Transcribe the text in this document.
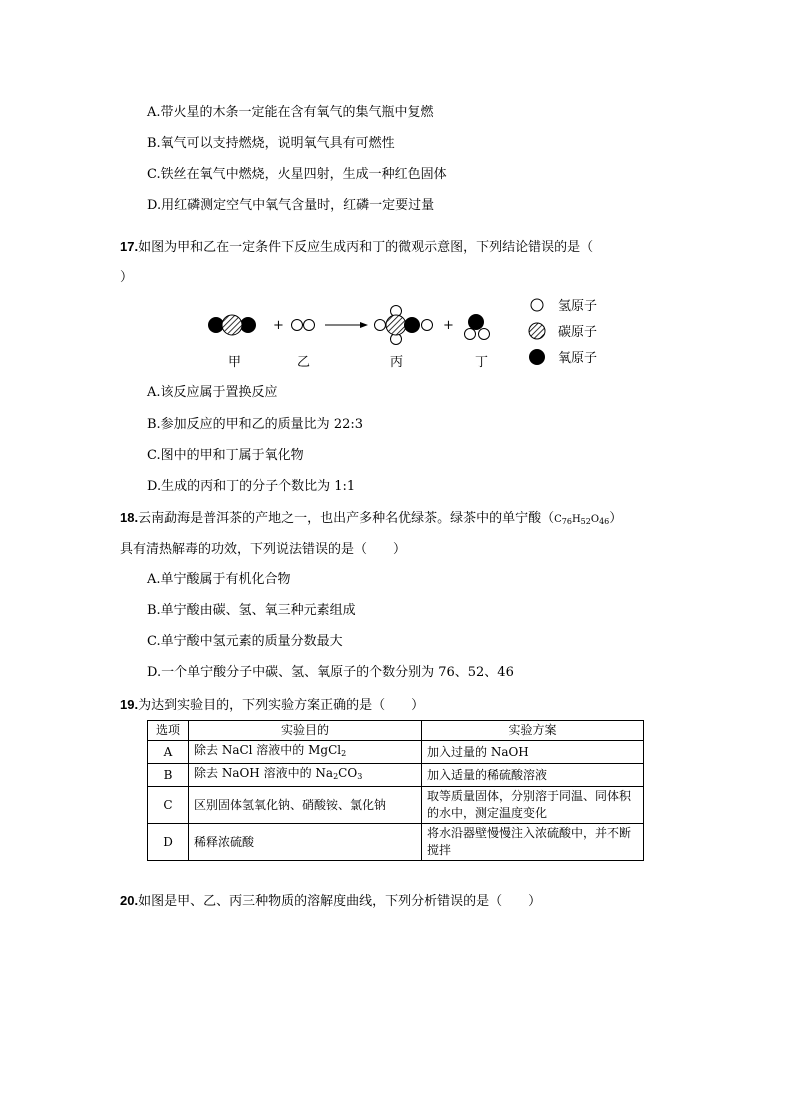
A.带火星的木条一定能在含有氧气的集气瓶中复燃
B.氧气可以支持燃烧，说明氧气具有可燃性
C.铁丝在氧气中燃烧，火星四射，生成一种红色固体
D.用红磷测定空气中氧气含量时，红磷一定要过量
17.如图为甲和乙在一定条件下反应生成丙和丁的微观示意图，下列结论错误的是（
）
+	+
甲	乙	丙	丁
氢原子
碳原子
氧原子
A.该反应属于置换反应
B.参加反应的甲和乙的质量比为 22:3
C.图中的甲和丁属于氧化物
D.生成的丙和丁的分子个数比为 1:1
18.云南勐海是普洱茶的产地之一，也出产多种名优绿茶。绿茶中的单宁酸$(C_{76}H_{52}O_{46})$
具有清热解毒的功效，下列说法错误的是（　　）
A.单宁酸属于有机化合物
B.单宁酸由碳、氢、氧三种元素组成
C.单宁酸中氢元素的质量分数最大
D.一个单宁酸分子中碳、氢、氧原子的个数分别为 76、52、46
19.为达到实验目的，下列实验方案正确的是（　　）
选项	实验目的	实验方案
A	除去 NaCl 溶液中的 MgCl$_2$	加入过量的 NaOH
B	除去 NaOH 溶液中的 $Na_2CO_3$	加入适量的稀硫酸溶液
C	区别固体氢氧化钠、硝酸铵、氯化钠	取等质量固体，分别溶于同温、同体积的水中，测定温度变化
D	稀释浓硫酸	将水沿器壁慢慢注入浓硫酸中，并不断搅拌
20.如图是甲、乙、丙三种物质的溶解度曲线，下列分析错误的是（　　）
